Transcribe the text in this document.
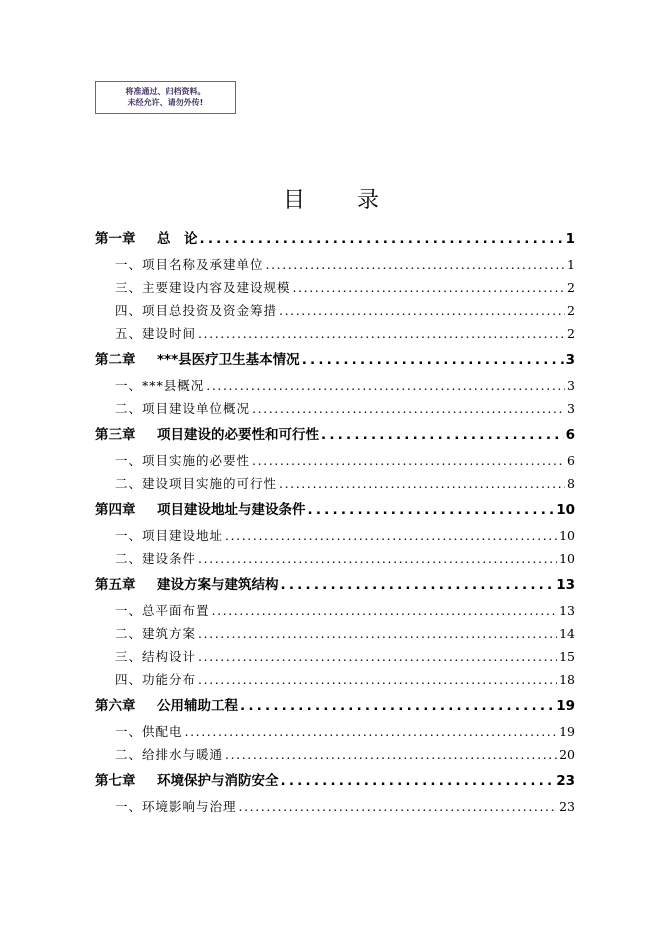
将准通过、归档资料。
未经允许、请勿外传!
目录
第一章 总　论 .....	1
一、项目名称及承建单位 .....	1
三、主要建设内容及建设规模 .....	2
四、项目总投资及资金筹措 .....	2
五、建设时间 .....	2
第二章 ***县医疗卫生基本情况 .....	3
一、***县概况 .....	3
二、项目建设单位概况 .....	3
第三章 项目建设的必要性和可行性 .....	6
一、项目实施的必要性 .....	6
二、建设项目实施的可行性 .....	8
第四章 项目建设地址与建设条件 .....	10
一、项目建设地址 .....	10
二、建设条件 .....	10
第五章 建设方案与建筑结构 .....	13
一、总平面布置 .....	13
二、建筑方案 .....	14
三、结构设计 .....	15
四、功能分布 .....	18
第六章 公用辅助工程 .....	19
一、供配电 .....	19
二、给排水与暖通 .....	20
第七章 环境保护与消防安全 .....	23
一、环境影响与治理 .....	23
